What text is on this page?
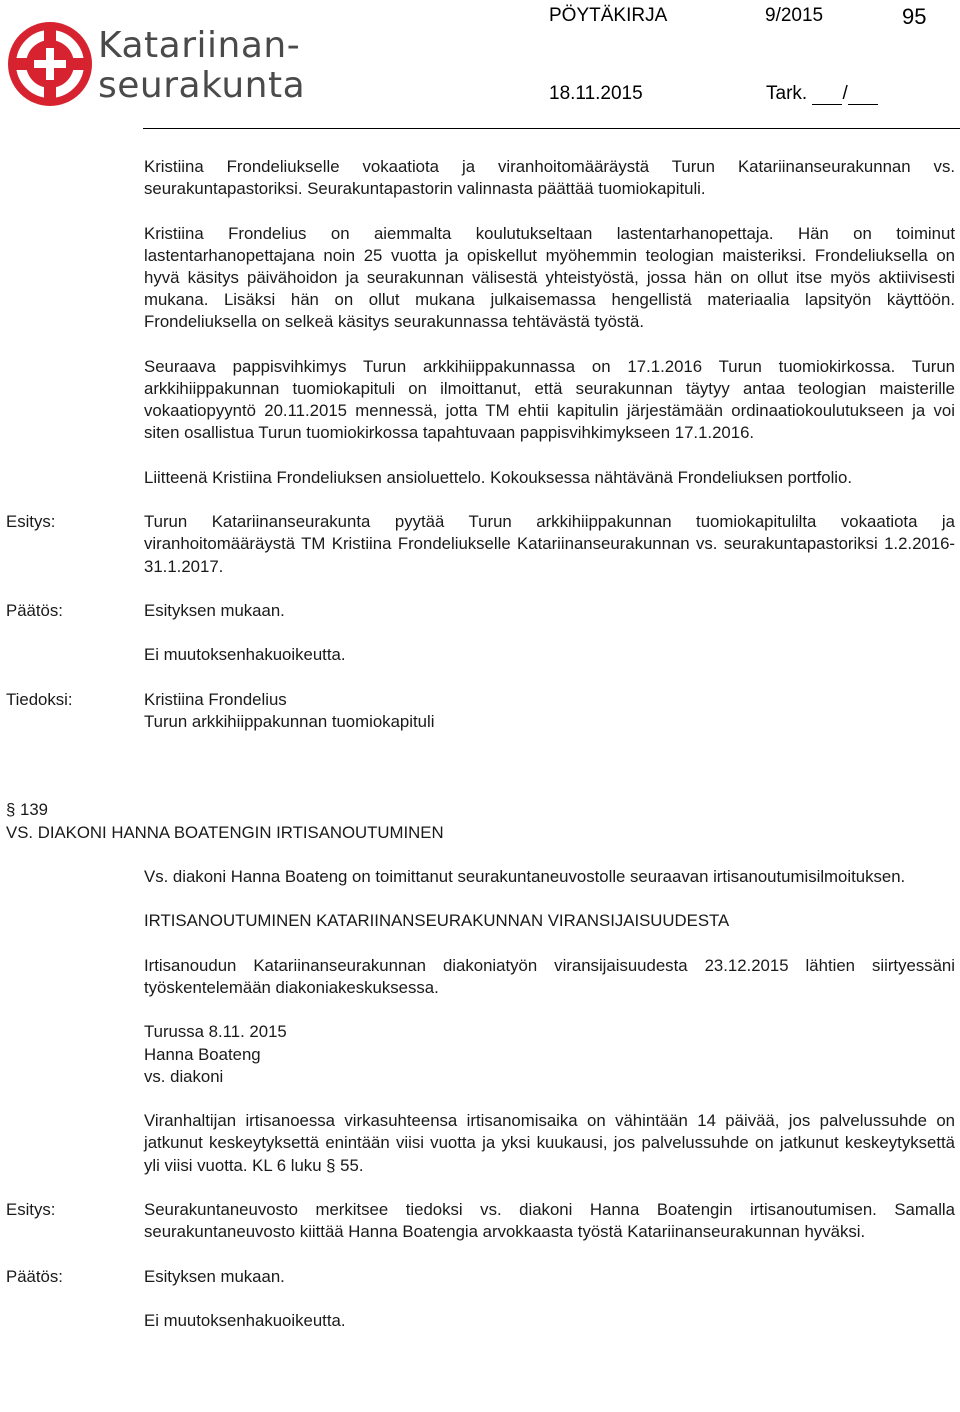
Katariinan-
seurakunta
PÖYTÄKIRJA	9/2015	95
18.11.2015	Tark. /
Kristiina Frondeliukselle vokaatiota ja viranhoitomääräystä Turun Katariinanseurakunnan vs. seurakuntapastoriksi. Seurakuntapastorin valinnasta päättää tuomiokapituli.
Kristiina Frondelius on aiemmalta koulutukseltaan lastentarhanopettaja. Hän on toiminut lastentarhanopettajana noin 25 vuotta ja opiskellut myöhemmin teologian maisteriksi. Frondeliuksella on hyvä käsitys päivähoidon ja seurakunnan välisestä yhteistyöstä, jossa hän on ollut itse myös aktiivisesti mukana. Lisäksi hän on ollut mukana julkaisemassa hengellistä materiaalia lapsityön käyttöön. Frondeliuksella on selkeä käsitys seurakunnassa tehtävästä työstä.
Seuraava pappisvihkimys Turun arkkihiippakunnassa on 17.1.2016 Turun tuomiokirkossa. Turun arkkihiippakunnan tuomiokapituli on ilmoittanut, että seurakunnan täytyy antaa teologian maisterille vokaatiopyyntö 20.11.2015 mennessä, jotta TM ehtii kapitulin järjestämään ordinaatiokoulutukseen ja voi siten osallistua Turun tuomiokirkossa tapahtuvaan pappisvihkimykseen 17.1.2016.
Liitteenä Kristiina Frondeliuksen ansioluettelo. Kokouksessa nähtävänä Frondeliuksen portfolio.
Esitys:	Turun Katariinanseurakunta pyytää Turun arkkihiippakunnan tuomiokapitulilta vokaatiota ja viranhoitomääräystä TM Kristiina Frondeliukselle Katariinanseurakunnan vs. seurakuntapastoriksi 1.2.2016-31.1.2017.
Päätös:	Esityksen mukaan.
Ei muutoksenhakuoikeutta.
Tiedoksi:	Kristiina Frondelius
Turun arkkihiippakunnan tuomiokapituli
§ 139
VS. DIAKONI HANNA BOATENGIN IRTISANOUTUMINEN
Vs. diakoni Hanna Boateng on toimittanut seurakuntaneuvostolle seuraavan irtisanoutumisilmoituksen.
IRTISANOUTUMINEN KATARIINANSEURAKUNNAN VIRANSIJAISUUDESTA
Irtisanoudun Katariinanseurakunnan diakoniatyön viransijaisuudesta 23.12.2015 lähtien siirtyessäni työskentelemään diakoniakeskuksessa.
Turussa 8.11. 2015
Hanna Boateng
vs. diakoni
Viranhaltijan irtisanoessa virkasuhteensa irtisanomisaika on vähintään 14 päivää, jos palvelussuhde on jatkunut keskeytyksettä enintään viisi vuotta ja yksi kuukausi, jos palvelussuhde on jatkunut keskeytyksettä yli viisi vuotta. KL 6 luku § 55.
Esitys:	Seurakuntaneuvosto merkitsee tiedoksi vs. diakoni Hanna Boatengin irtisanoutumisen. Samalla seurakuntaneuvosto kiittää Hanna Boatengia arvokkaasta työstä Katariinanseurakunnan hyväksi.
Päätös:	Esityksen mukaan.
Ei muutoksenhakuoikeutta.
